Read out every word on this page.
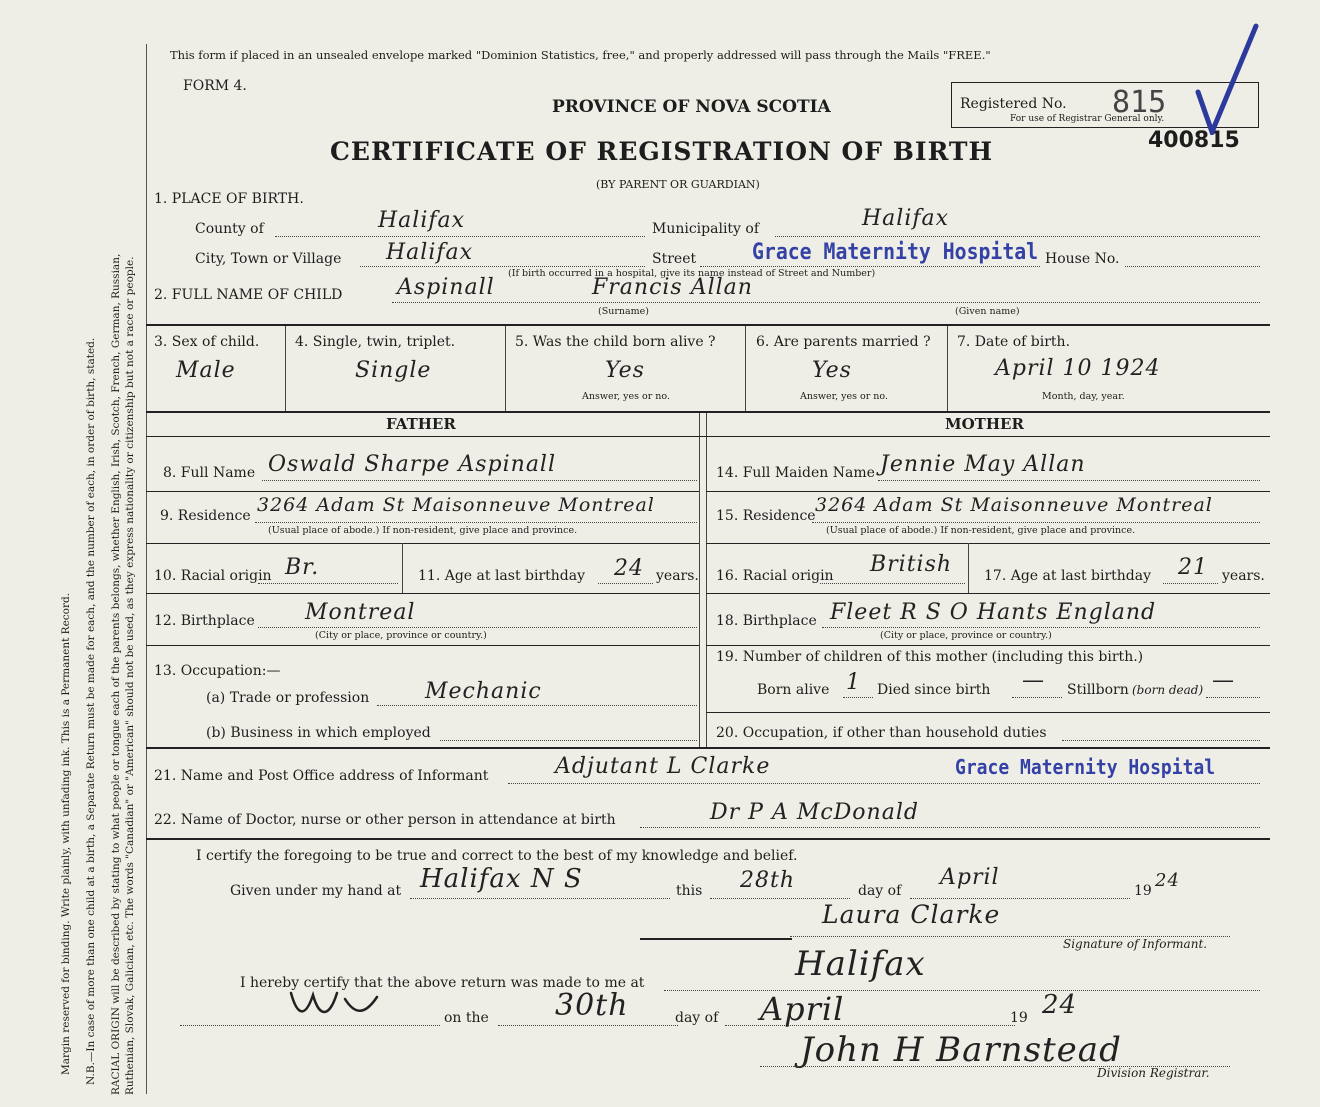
Margin reserved for binding. Write plainly, with unfading ink. This is a Permanent Record. N.B.—In case of more than one child at a birth, a Separate Return must be made for each, and the number of each, in order of birth, stated. RACIAL ORIGIN will be described by stating to what people or tongue each of the parents belongs, whether English, Irish, Scotch, French, German, Russian, Ruthenian, Slovak, Galician, etc. The words "Canadian" or "American" should not be used, as they express nationality or citizenship but not a race or people.
This form if placed in an unsealed envelope marked "Dominion Statistics, free," and properly addressed will pass through the Mails "FREE."
FORM 4.
PROVINCE OF NOVA SCOTIA
CERTIFICATE OF REGISTRATION OF BIRTH
(BY PARENT OR GUARDIAN)
Registered No. 815
For use of Registrar General only.
400815
1. PLACE OF BIRTH.
County of	Halifax	Municipality of	Halifax
City, Town or Village Halifax	Street	Grace Maternity Hospital House No.
(If birth occurred in a hospital, give its name instead of Street and Number)
2. FULL NAME OF CHILD Aspinall	Francis Allan
(Surname)	(Given name)
3. Sex of child.
Male
4. Single, twin, triplet.
Single
5. Was the child born alive ?
Yes
Answer, yes or no.
6. Are parents married ?
Yes
Answer, yes or no.
7. Date of birth.
April 10 1924
Month, day, year.
FATHER	MOTHER
8. Full Name Oswald Sharpe Aspinall
9. Residence 3264 Adam St Maisonneuve Montreal
(Usual place of abode.) If non-resident, give place and province.
10. Racial origin Br.	11. Age at last birthday 24 years.
12. Birthplace Montreal
(City or place, province or country.)
13. Occupation:—
(a) Trade or profession	Mechanic
(b) Business in which employed
14. Full Maiden Name Jennie May Allan
15. Residence 3264 Adam St Maisonneuve Montreal
(Usual place of abode.) If non-resident, give place and province.
16. Racial origin British 17. Age at last birthday 21 years.
18. Birthplace Fleet R S O Hants England
(City or place, province or country.)
19. Number of children of this mother (including this birth.)
Born alive 1 Died since birth — Stillborn (born dead) —
20. Occupation, if other than household duties
21. Name and Post Office address of Informant	Adjutant L Clarke	Grace Maternity Hospital
22. Name of Doctor, nurse or other person in attendance at birth	Dr P A McDonald
I certify the foregoing to be true and correct to the best of my knowledge and belief.
Given under my hand at Halifax N S	this 28th	day of
April
19 24
Laura Clarke
Signature of Informant.
I hereby certify that the above return was made to me at	Halifax
on the 30th	day of April	19 24
John H Barnstead
Division Registrar.
